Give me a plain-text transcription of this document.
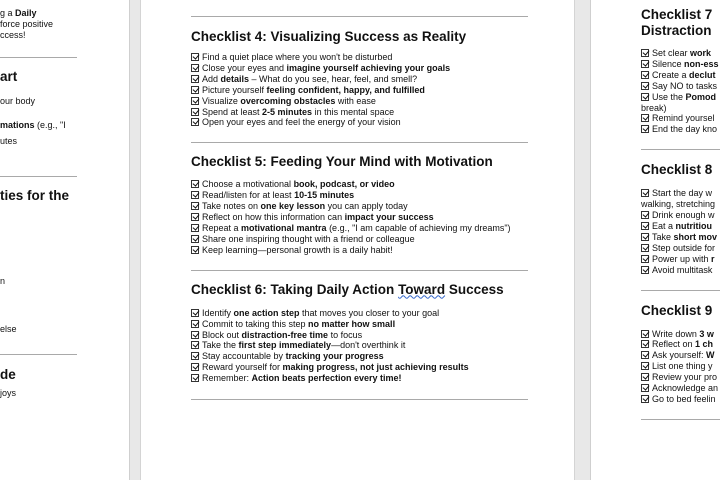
g a Daily
force positive
ccess!
art
our body
mations (e.g., "I
utes
ties for the
n
else
de
joys
Checklist 4: Visualizing Success as Reality
Find a quiet place where you won't be disturbed
Close your eyes and imagine yourself achieving your goals
Add details – What do you see, hear, feel, and smell?
Picture yourself feeling confident, happy, and fulfilled
Visualize overcoming obstacles with ease
Spend at least 2-5 minutes in this mental space
Open your eyes and feel the energy of your vision
Checklist 5: Feeding Your Mind with Motivation
Choose a motivational book, podcast, or video
Read/listen for at least 10-15 minutes
Take notes on one key lesson you can apply today
Reflect on how this information can impact your success
Repeat a motivational mantra (e.g., "I am capable of achieving my dreams")
Share one inspiring thought with a friend or colleague
Keep learning—personal growth is a daily habit!
Checklist 6: Taking Daily Action Toward Success
Identify one action step that moves you closer to your goal
Commit to taking this step no matter how small
Block out distraction-free time to focus
Take the first step immediately—don't overthink it
Stay accountable by tracking your progress
Reward yourself for making progress, not just achieving results
Remember: Action beats perfection every time!
Checklist 7
Distraction
Set clear work
Silence non-ess
Create a declut
Say NO to tasks
Use the Pomod
break)
Remind yoursel
End the day kno
Checklist 8
Start the day w
walking, stretching
Drink enough w
Eat a nutritiou
Take short mov
Step outside for
Power up with r
Avoid multitask
Checklist 9
Write down 3 w
Reflect on 1 ch
Ask yourself: W
List one thing y
Review your pro
Acknowledge an
Go to bed feelin
